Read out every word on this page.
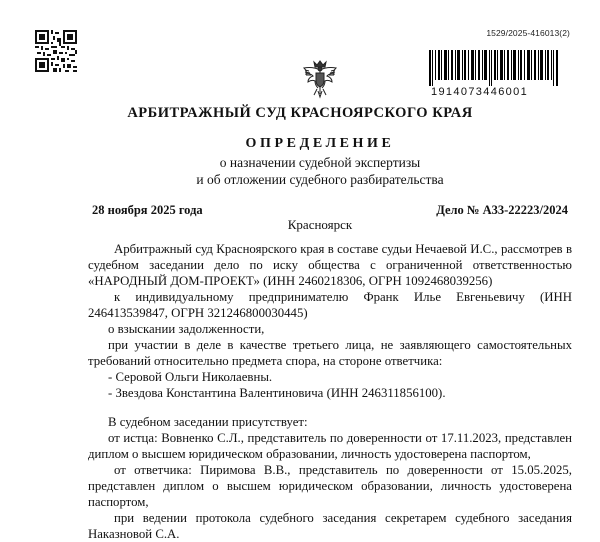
1529/2025-416013(2)
1914073446001
АРБИТРАЖНЫЙ СУД КРАСНОЯРСКОГО КРАЯ
ОПРЕДЕЛЕНИЕ
о назначении судебной экспертизы
и об отложении судебного разбирательства
28 ноября 2025 года	Дело № А33-22223/2024
Красноярск

Арбитражный суд Красноярского края в составе судьи Нечаевой И.С., рассмотрев в судебном заседании дело по иску общества с ограниченной ответственностью «НАРОДНЫЙ ДОМ-ПРОЕКТ» (ИНН 2460218306, ОГРН 1092468039256)

к индивидуальному предпринимателю Франк Илье Евгеньевичу (ИНН 246413539847, ОГРН 321246800030445)

о взыскании задолженности,

при участии в деле в качестве третьего лица, не заявляющего самостоятельных требований относительно предмета спора, на стороне ответчика:

- Серовой Ольги Николаевны.

- Звездова Константина Валентиновича (ИНН 246311856100).

В судебном заседании присутствует:

от истца: Вовненко С.Л., представитель по доверенности от 17.11.2023, представлен диплом о высшем юридическом образовании, личность удостоверена паспортом,

от ответчика: Пиримова В.В., представитель по доверенности от 15.05.2025, представлен диплом о высшем юридическом образовании, личность удостоверена паспортом,

при ведении протокола судебного заседания секретарем судебного заседания Наказновой С.А.
